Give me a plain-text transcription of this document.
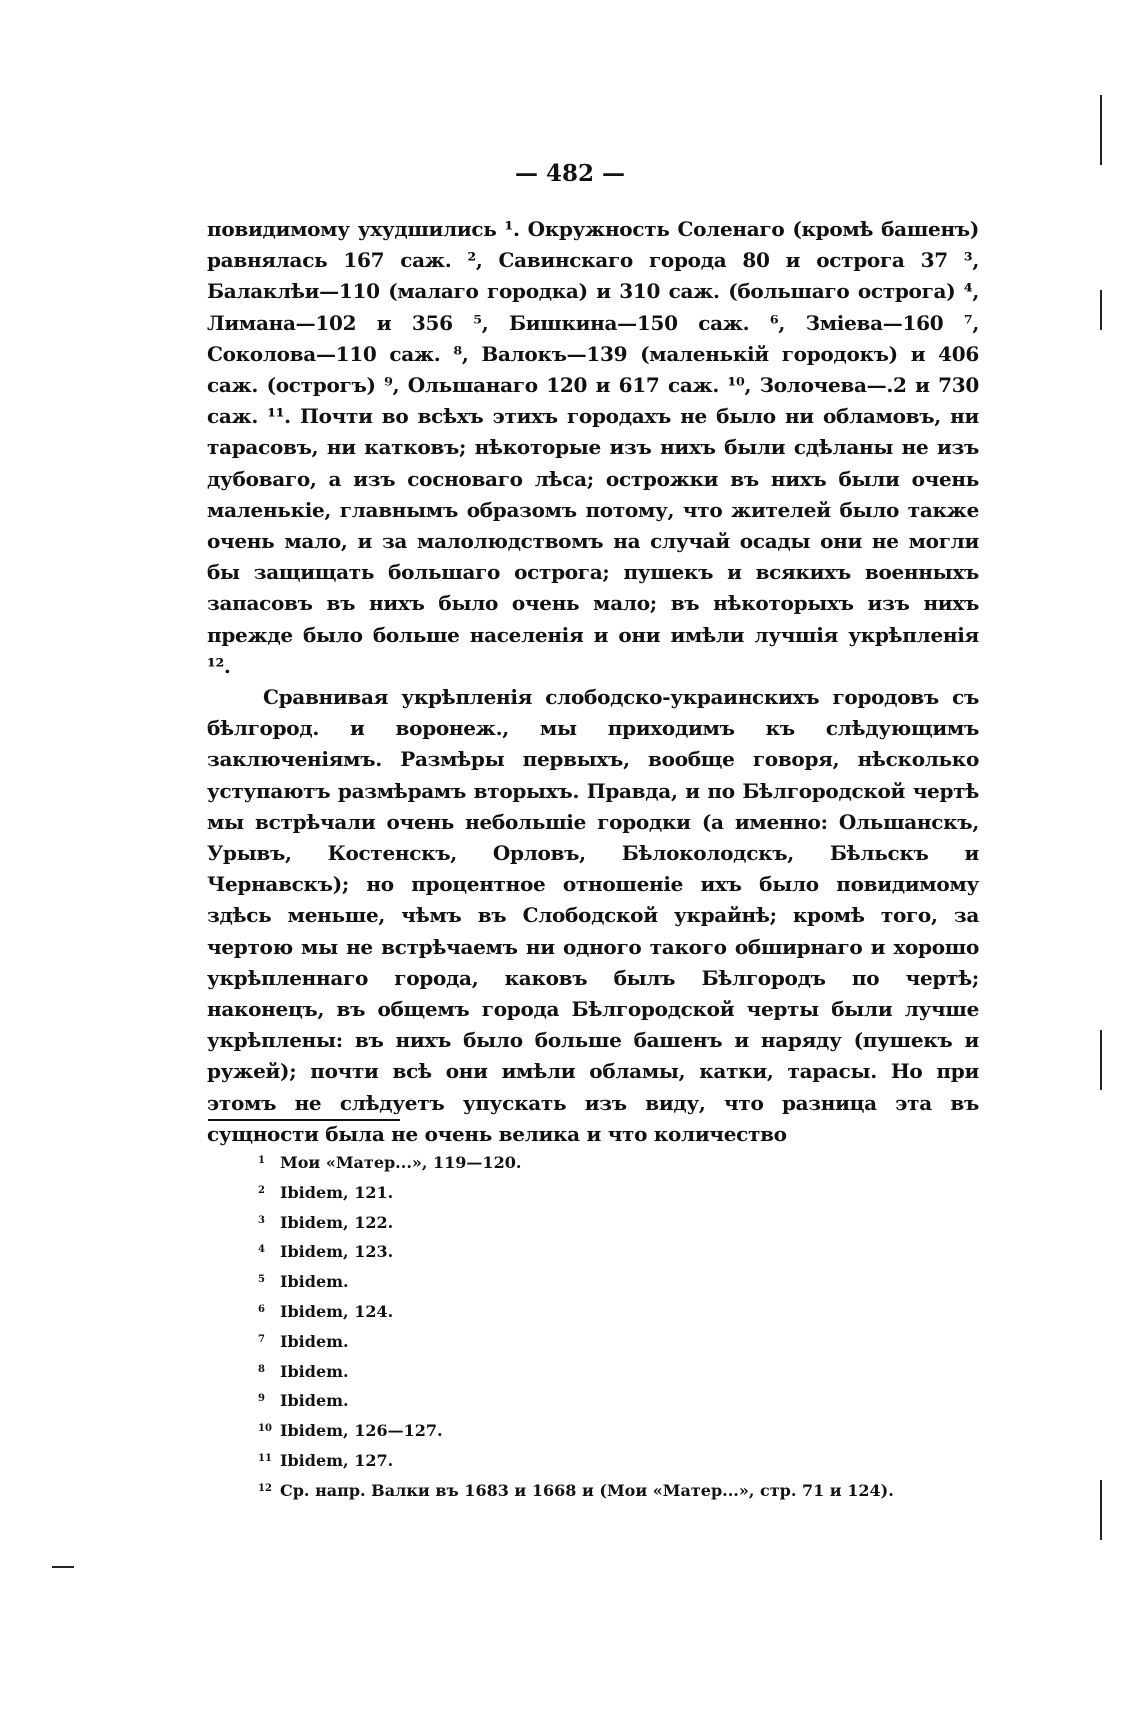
— 482 —

повидимому ухудшились ¹. Окружность Соленаго (кромѣ башенъ) равнялась 167 саж. ², Савинскаго города 80 и острога 37 ³, Балаклѣи—110 (малаго городка) и 310 саж. (большаго острога) ⁴, Лимана—102 и 356 ⁵, Бишкина—150 саж. ⁶, Зміева—160 ⁷, Соколова—110 саж. ⁸, Валокъ—139 (маленькій городокъ) и 406 саж. (острогъ) ⁹, Ольшанаго 120 и 617 саж. ¹⁰, Золочева—.2 и 730 саж. ¹¹. Почти во всѣхъ этихъ городахъ не было ни обламовъ, ни тарасовъ, ни катковъ; нѣкоторые изъ нихъ были сдѣланы не изъ дубоваго, а изъ сосноваго лѣса; острожки въ нихъ были очень маленькіе, главнымъ образомъ потому, что жителей было также очень мало, и за малолюдствомъ на случай осады они не могли бы защищать большаго острога; пушекъ и всякихъ военныхъ запасовъ въ нихъ было очень мало; въ нѣкоторыхъ изъ нихъ прежде было больше населенія и они имѣли лучшія укрѣпленія ¹².

Сравнивая укрѣпленія слободско-украинскихъ городовъ съ бѣлгород. и воронеж., мы приходимъ къ слѣдующимъ заключеніямъ. Размѣры первыхъ, вообще говоря, нѣсколько уступаютъ размѣрамъ вторыхъ. Правда, и по Бѣлгородской чертѣ мы встрѣчали очень небольшіе городки (а именно: Ольшанскъ, Урывъ, Костенскъ, Орловъ, Бѣлоколодскъ, Бѣльскъ и Чернавскъ); но процентное отношеніе ихъ было повидимому здѣсь меньше, чѣмъ въ Слободской украйнѣ; кромѣ того, за чертою мы не встрѣчаемъ ни одного такого обширнаго и хорошо укрѣпленнаго города, каковъ былъ Бѣлгородъ по чертѣ; наконецъ, въ общемъ города Бѣлгородской черты были лучше укрѣплены: въ нихъ было больше башенъ и наряду (пушекъ и ружей); почти всѣ они имѣли обламы, катки, тарасы. Но при этомъ не слѣдуетъ упускать изъ виду, что разница эта въ сущности была не очень велика и что количество

1 Мои «Матер...», 119—120.
2 Ibidem, 121.
3 Ibidem, 122.
4 Ibidem, 123.
5 Ibidem.
6 Ibidem, 124.
7 Ibidem.
8 Ibidem.
9 Ibidem.
10 Ibidem, 126—127.
11 Ibidem, 127.
12 Ср. напр. Валки въ 1683 и 1668 и (Мои «Матер...», стр. 71 и 124).
